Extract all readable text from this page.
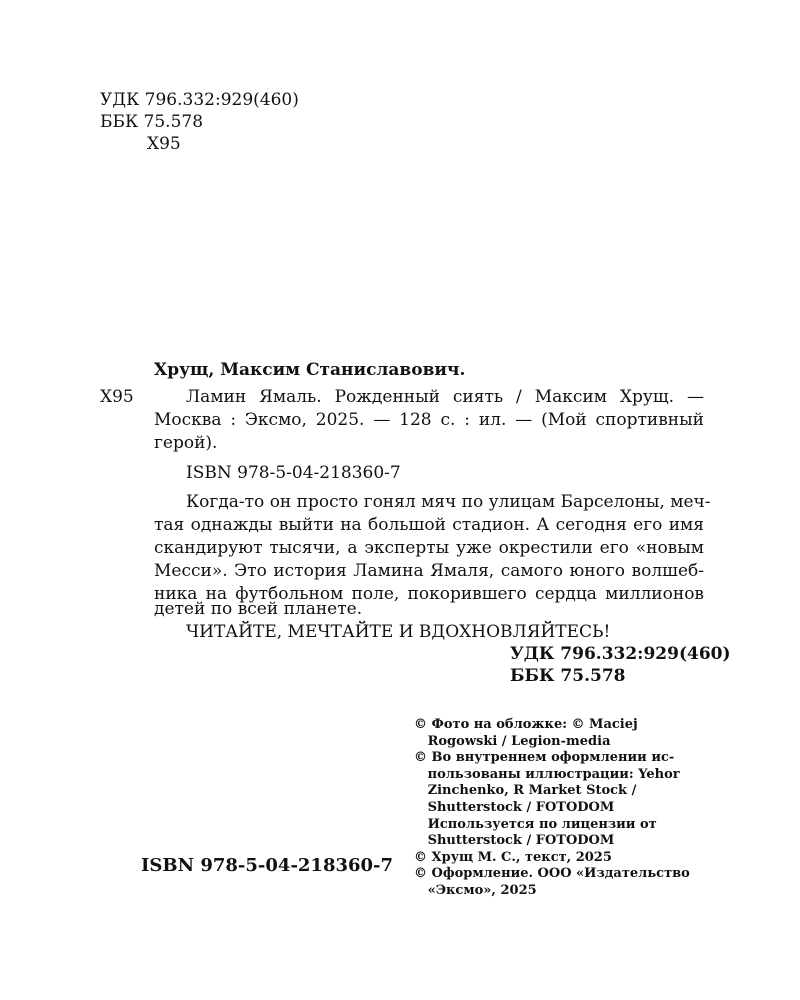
УДК 796.332:929(460)
ББК 75.578
Х95
Хрущ, Максим Станиславович.
Х95	Ламин Ямаль. Рожденный сиять / Максим Хрущ. —
Москва : Эксмо, 2025. — 128 с. : ил. — (Мой спортивный
герой).
ISBN 978-5-04-218360-7
Когда-то он просто гонял мяч по улицам Барселоны, меч-
тая однажды выйти на большой стадион. А сегодня его имя
скандируют тысячи, а эксперты уже окрестили его «новым
Месси». Это история Ламина Ямаля, самого юного волшеб-
ника на футбольном поле, покорившего сердца миллионов
детей по всей планете.
ЧИТАЙТЕ, МЕЧТАЙТЕ И ВДОХНОВЛЯЙТЕСЬ!
УДК 796.332:929(460)
ББК 75.578
© Фото на обложке: © Maciej
Rogowski / Legion-media
© Во внутреннем оформлении ис-
пользованы иллюстрации: Yehor
Zinchenko, R Market Stock /
Shutterstock / FOTODOM
Используется по лицензии от
Shutterstock / FOTODOM
© Хрущ М. С., текст, 2025
© Оформление. ООО «Издательство
«Эксмо», 2025
ISBN 978-5-04-218360-7
